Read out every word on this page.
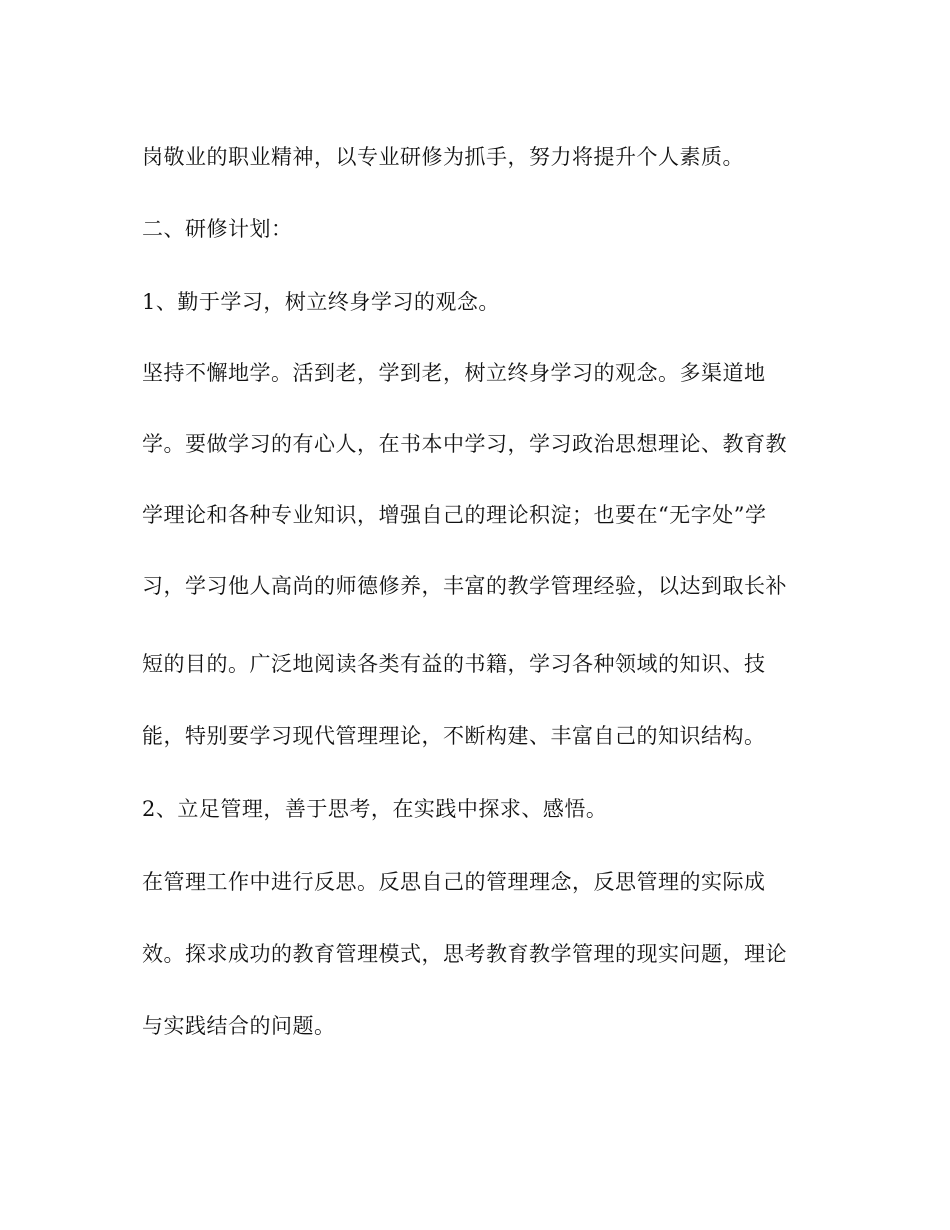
岗敬业的职业精神，以专业研修为抓手，努力将提升个人素质。
二、研修计划：
1、勤于学习，树立终身学习的观念。
坚持不懈地学。活到老，学到老，树立终身学习的观念。多渠道地
学。要做学习的有心人，在书本中学习，学习政治思想理论、教育教
学理论和各种专业知识，增强自己的理论积淀；也要在“无字处”学
习，学习他人高尚的师德修养，丰富的教学管理经验，以达到取长补
短的目的。广泛地阅读各类有益的书籍，学习各种领域的知识、技
能，特别要学习现代管理理论，不断构建、丰富自己的知识结构。
2、立足管理，善于思考，在实践中探求、感悟。
在管理工作中进行反思。反思自己的管理理念，反思管理的实际成
效。探求成功的教育管理模式，思考教育教学管理的现实问题，理论
与实践结合的问题。
